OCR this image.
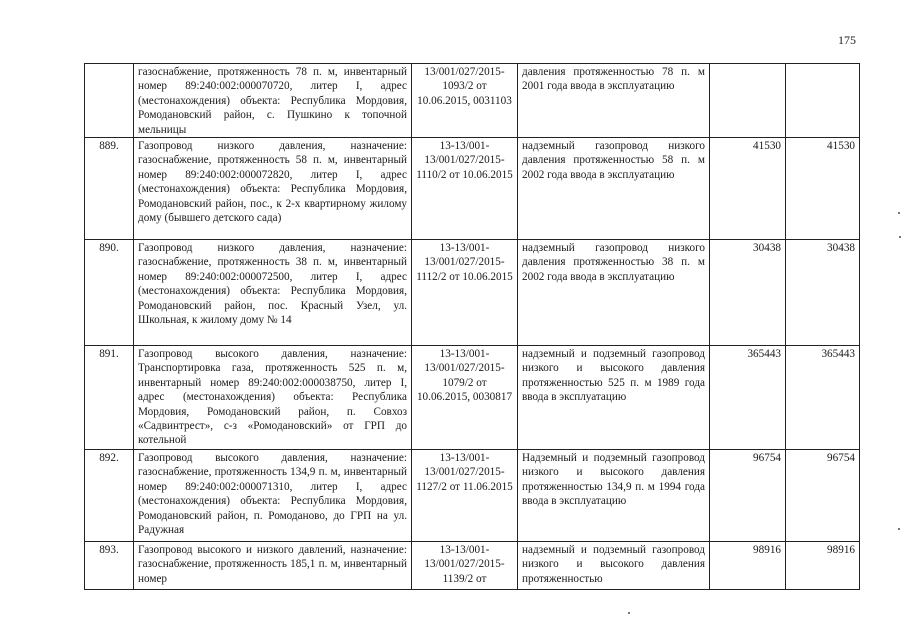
175
	газоснабжение, протяженность 78 п. м, инвентарный номер 89:240:002:000070720, литер I, адрес (местонахождения) объекта: Республика Мордовия, Ромодановский район, с. Пушкино к топочной мельницы	13/001/027/2015-1093/2 от 10.06.2015, 0031103	давления протяженностью 78 п. м 2001 года ввода в эксплуатацию		
889.	Газопровод низкого давления, назначение: газоснабжение, протяженность 58 п. м, инвентарный номер 89:240:002:000072820, литер I, адрес (местонахождения) объекта: Республика Мордовия, Ромодановский район, пос., к 2-х квартирному жилому дому (бывшего детского сада)	13-13/001-13/001/027/2015-1110/2 от 10.06.2015	надземный газопровод низкого давления протяженностью 58 п. м 2002 года ввода в эксплуатацию	41530	41530
890.	Газопровод низкого давления, назначение: газоснабжение, протяженность 38 п. м, инвентарный номер 89:240:002:000072500, литер I, адрес (местонахождения) объекта: Республика Мордовия, Ромодановский район, пос. Красный Узел, ул. Школьная, к жилому дому № 14	13-13/001-13/001/027/2015-1112/2 от 10.06.2015	надземный газопровод низкого давления протяженностью 38 п. м 2002 года ввода в эксплуатацию	30438	30438
891.	Газопровод высокого давления, назначение: Транспортировка газа, протяженность 525 п. м, инвентарный номер 89:240:002:000038750, литер I, адрес (местонахождения) объекта: Республика Мордовия, Ромодановский район, п. Совхоз «Садвинтрест», с-з «Ромодановский» от ГРП до котельной	13-13/001-13/001/027/2015-1079/2 от 10.06.2015, 0030817	надземный и подземный газопровод низкого и высокого давления протяженностью 525 п. м 1989 года ввода в эксплуатацию	365443	365443
892.	Газопровод высокого давления, назначение: газоснабжение, протяженность 134,9 п. м, инвентарный номер 89:240:002:000071310, литер I, адрес (местонахождения) объекта: Республика Мордовия, Ромодановский район, п. Ромоданово, до ГРП на ул. Радужная	13-13/001-13/001/027/2015-1127/2 от 11.06.2015	Надземный и подземный газопровод низкого и высокого давления протяженностью 134,9 п. м 1994 года ввода в эксплуатацию	96754	96754
893.	Газопровод высокого и низкого давлений, назначение: газоснабжение, протяженность 185,1 п. м, инвентарный номер	13-13/001-13/001/027/2015-1139/2 от	надземный и подземный газопровод низкого и высокого давления протяженностью	98916	98916
